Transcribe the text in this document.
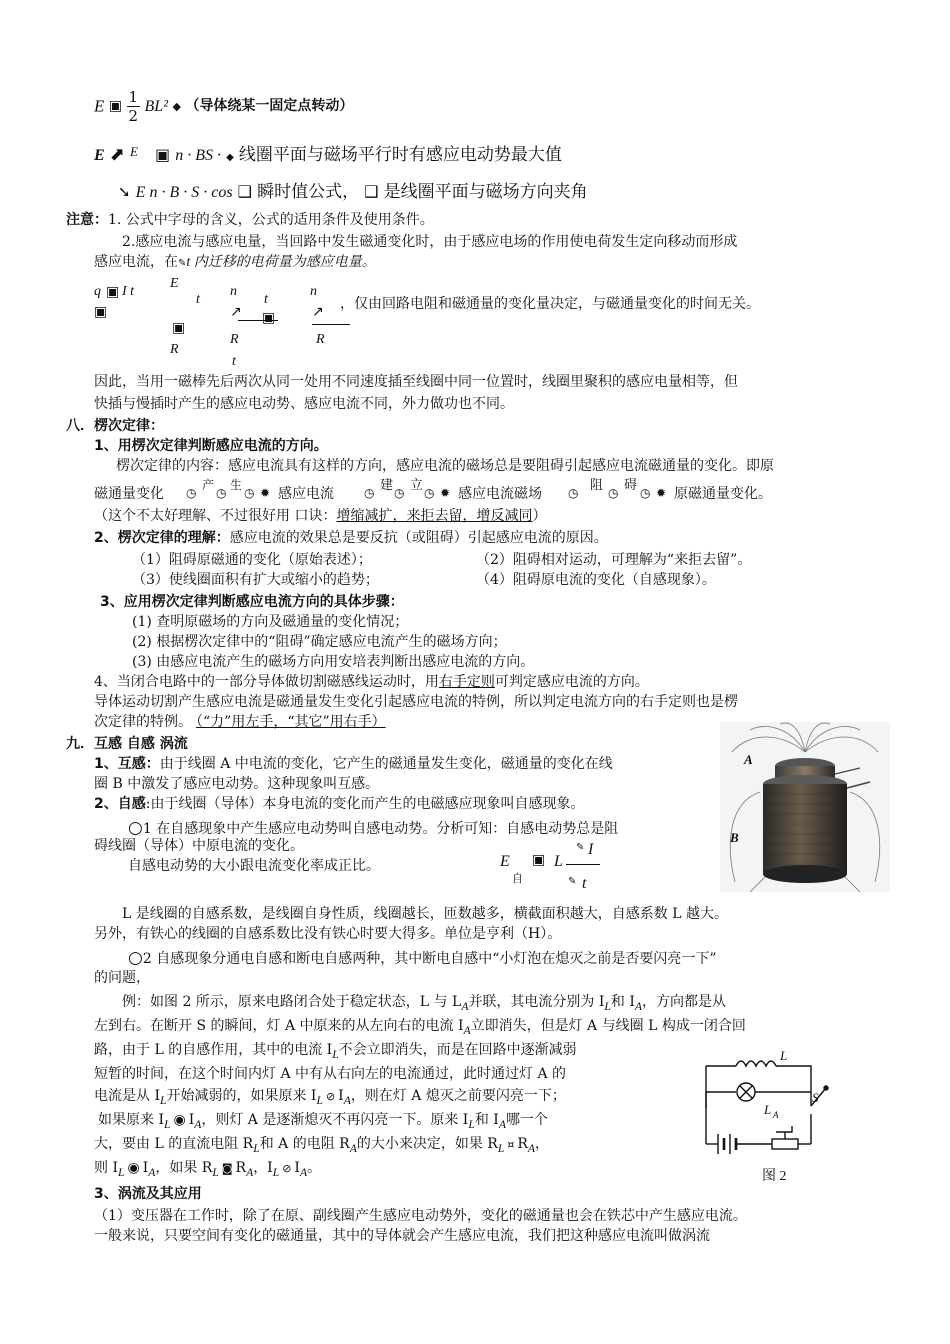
E ▣ $\frac{1}{2} BL^2$ ◆ （导体绕某一固定点转动）
E ⬈ $^E$ ▣ n · BS · ◆ 线圈平面与磁场平行时有感应电动势最大值
➘ E n · B · S · cos ❑ 瞬时值公式， ❑ 是线圈平面与磁场方向夹角
注意：1. 公式中字母的含义，公式的适用条件及使用条件。
2.感应电流与感应电量，当回路中发生磁通变化时，由于感应电场的作用使电荷发生定向移动而形成
感应电流，在✎t 内迁移的电荷量为感应电量。
q ▣ I t
▣
E
t
▣
R
n
↗
t
▣
R
t
n
↗
R
，仅由回路电阻和磁通量的变化量决定，与磁通量变化的时间无关。
因此，当用一磁棒先后两次从同一处用不同速度插至线圈中同一位置时，线圈里聚积的感应电量相等，但
快插与慢插时产生的感应电动势、感应电流不同，外力做功也不同。
八．楞次定律：
1、用楞次定律判断感应电流的方向。
楞次定律的内容：感应电流具有这样的方向，感应电流的磁场总是要阻碍引起感应电流磁通量的变化。即原
磁通量变化 ◷
产
◷
生
◷ ✹ 感应电流	◷ 建 ◷ 立 ◷ ✹ 感应电流磁场 ◷ 阻 ◷ 碍 ◷ ✹ 原磁通量变化。
（这个不太好理解、不过很好用 口诀：增缩减扩，来拒去留，增反减同）
2、楞次定律的理解：感应电流的效果总是要反抗（或阻碍）引起感应电流的原因。
（1）阻碍原磁通的变化（原始表述）；	（2）阻碍相对运动，可理解为“来拒去留”。
（3）使线圈面积有扩大或缩小的趋势；	（4）阻碍原电流的变化（自感现象）。
3、应用楞次定律判断感应电流方向的具体步骤：
(1) 查明原磁场的方向及磁通量的变化情况；
(2) 根据楞次定律中的“阻碍”确定感应电流产生的磁场方向；
(3) 由感应电流产生的磁场方向用安培表判断出感应电流的方向。
4、当闭合电路中的一部分导体做切割磁感线运动时，用右手定则可判定感应电流的方向。
导体运动切割产生感应电流是磁通量发生变化引起感应电流的特例，所以判定电流方向的右手定则也是楞
次定律的特例。 （“力”用左手，“其它”用右手）
九．互感 自感 涡流
1、互感：由于线圈 A 中电流的变化，它产生的磁通量发生变化，磁通量的变化在线
圈 B 中激发了感应电动势。这种现象叫互感。
2、自感:由于线圈（导体）本身电流的变化而产生的电磁感应现象叫自感现象。
○1 在自感现象中产生感应电动势叫自感电动势。分析可知：自感电动势总是阻
碍线圈（导体）中原电流的变化。
自感电动势的大小跟电流变化率成正比。	E
自
▣ L
✎ I
✎ t
A
B
L 是线圈的自感系数，是线圈自身性质，线圈越长，匝数越多，横截面积越大，自感系数 L 越大。
另外，有铁心的线圈的自感系数比没有铁心时要大得多。单位是亨利（H）。
○2 自感现象分通电自感和断电自感两种，其中断电自感中“小灯泡在熄灭之前是否要闪亮一下”
的问题，
例：如图 2 所示，原来电路闭合处于稳定状态，L 与 $L_A$并联，其电流分别为 $I_L$和 $I_A$，方向都是从
左到右。在断开 S 的瞬间，灯 A 中原来的从左向右的电流 $I_A$立即消失，但是灯 A 与线圈 L 构成一闭合回
路，由于 L 的自感作用，其中的电流 $I_L$不会立即消失，而是在回路中逐渐减弱
短暂的时间，在这个时间内灯 A 中有从右向左的电流通过，此时通过灯 A 的
电流是从 $I_L$开始减弱的，如果原来 $I_L$ ⊘ $I_A$，则在灯 A 熄灭之前要闪亮一下；
如果原来 $I_L$ ◉ $I_A$，则灯 A 是逐渐熄灭不再闪亮一下。原来 $I_L$和 $I_A$哪一个
大，要由 L 的直流电阻 $R_L$和 A 的电阻 $R_A$的大小来决定，如果 $R_L$ ¤ $R_A$，
则 $I_L$ ◉ $I_A$，如果 $R_L$ ◙ $R_A$，$I_L$ ⊘ $I_A$。
L
L A
S
图 2
3、涡流及其应用
（1）变压器在工作时，除了在原、副线圈产生感应电动势外，变化的磁通量也会在铁芯中产生感应电流。
一般来说，只要空间有变化的磁通量，其中的导体就会产生感应电流，我们把这种感应电流叫做涡流
